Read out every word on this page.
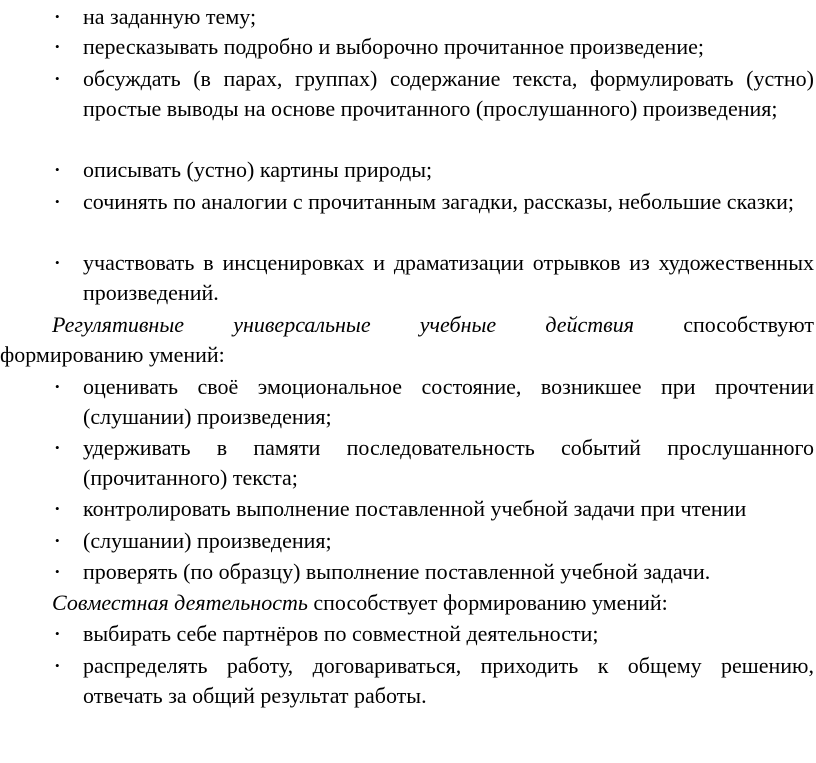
• на заданную тему;
• пересказывать подробно и выборочно прочитанное произведение;
• обсуждать (в парах, группах) содержание текста, формулировать (устно) простые выводы на основе прочитанного (прослушанного) произведения;
• описывать (устно) картины природы;
• сочинять по аналогии с прочитанным загадки, рассказы, небольшие сказки;
• участвовать в инсценировках и драматизации отрывков из художественных произведений.
Регулятивные универсальные учебные действия способствуют
формированию умений:
• оценивать своё эмоциональное состояние, возникшее при прочтении (слушании) произведения;
• удерживать в памяти последовательность событий прослушанного (прочитанного) текста;
• контролировать выполнение поставленной учебной задачи при чтении
• (слушании) произведения;
• проверять (по образцу) выполнение поставленной учебной задачи.
Совместная деятельность способствует формированию умений:
• выбирать себе партнёров по совместной деятельности;
• распределять работу, договариваться, приходить к общему решению, отвечать за общий результат работы.
